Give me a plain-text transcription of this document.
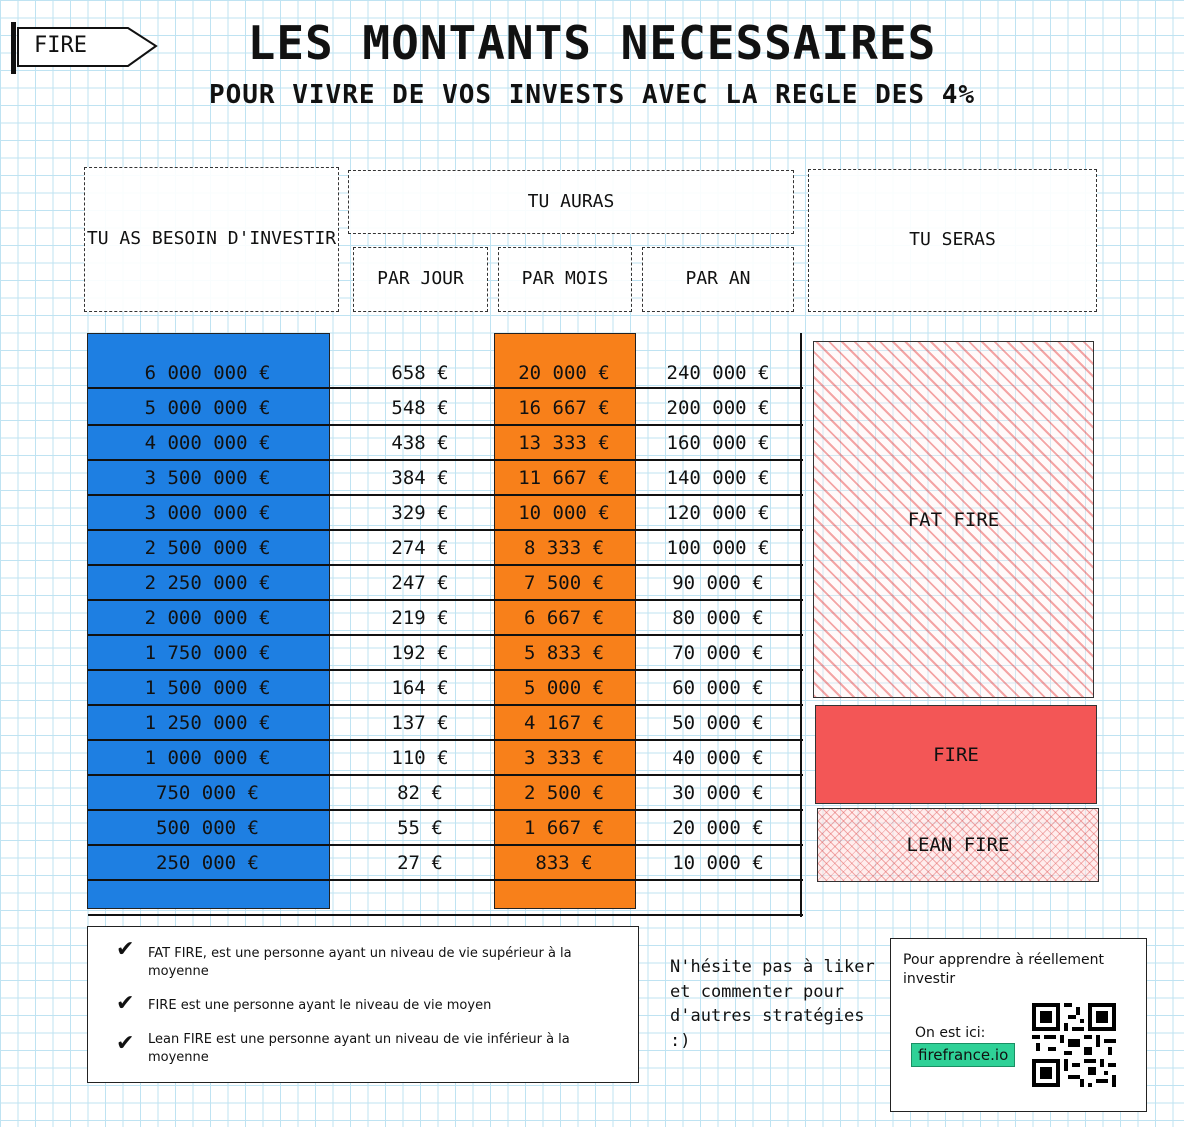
FIRE	LES MONTANTS NECESSAIRES
POUR VIVRE DE VOS INVESTS AVEC LA REGLE DES 4%
TU AS BESOIN D'INVESTIR
TU AURAS
PAR JOUR	PAR MOIS	PAR AN
TU SERAS
6 000 000 €	658 €	20 000 €	240 000 €
5 000 000 €	548 €	16 667 €	200 000 €
4 000 000 €	438 €	13 333 €	160 000 €
3 500 000 €	384 €	11 667 €	140 000 €
3 000 000 €	329 €	10 000 €	120 000 €
2 500 000 €	274 €	8 333 €	100 000 €
2 250 000 €	247 €	7 500 €	90 000 €
2 000 000 €	219 €	6 667 €	80 000 €
1 750 000 €	192 €	5 833 €	70 000 €
1 500 000 €	164 €	5 000 €	60 000 €
1 250 000 €	137 €	4 167 €	50 000 €
1 000 000 €	110 €	3 333 €	40 000 €
750 000 €	82 €	2 500 €	30 000 €
500 000 €	55 €	1 667 €	20 000 €
250 000 €	27 €	833 €	10 000 €
FAT FIRE
FIRE
LEAN FIRE
✔ FAT FIRE, est une personne ayant un niveau de vie supérieur à la moyenne
✔ FIRE est une personne ayant le niveau de vie moyen
✔ Lean FIRE est une personne ayant un niveau de vie inférieur à la moyenne
N'hésite pas à liker et commenter pour d'autres stratégies :)
Pour apprendre à réellement investir
On est ici:
firefrance.io
